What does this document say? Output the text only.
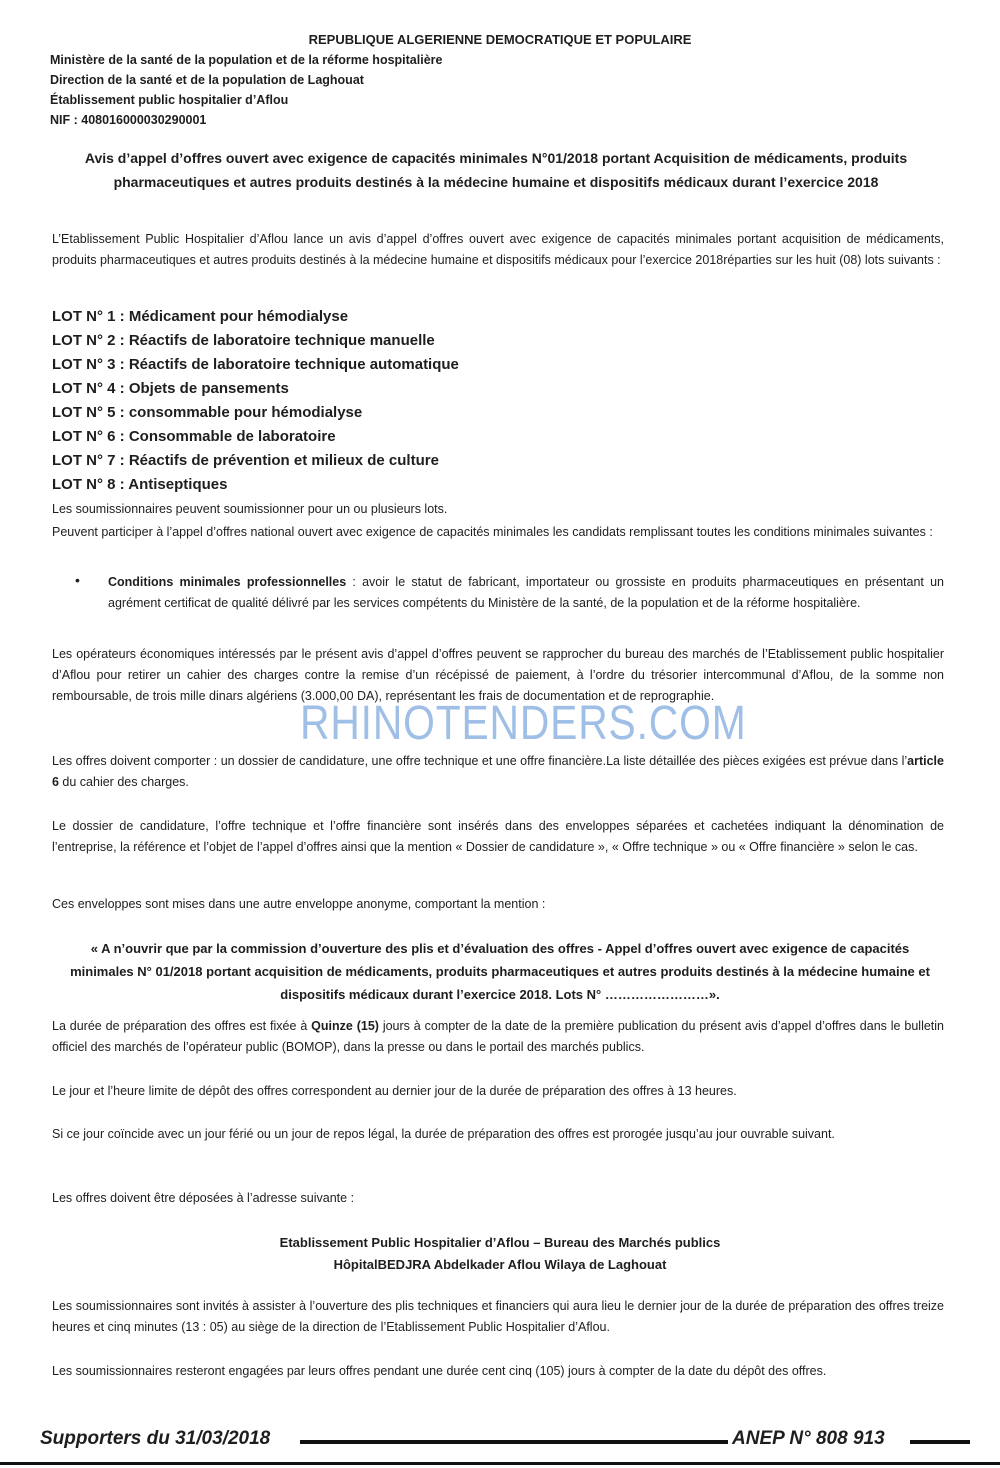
REPUBLIQUE ALGERIENNE DEMOCRATIQUE ET POPULAIRE
Ministère de la santé de la population et de la réforme hospitalière
Direction de la santé et de la population de Laghouat
Établissement public hospitalier d’Aflou
NIF : 408016000030290001
Avis d’appel d’offres ouvert avec exigence de capacités minimales N°01/2018 portant Acquisition de médicaments, produits pharmaceutiques et autres produits destinés à la médecine humaine et dispositifs médicaux durant l’exercice 2018
L’Etablissement Public Hospitalier d’Aflou lance un avis d’appel d’offres ouvert avec exigence de capacités minimales portant acquisition de médicaments, produits pharmaceutiques et autres produits destinés à la médecine humaine et dispositifs médicaux pour l’exercice 2018réparties sur les huit (08) lots suivants :
LOT N° 1 : Médicament pour hémodialyse
LOT N° 2 : Réactifs de laboratoire technique manuelle
LOT N° 3 : Réactifs de laboratoire technique automatique
LOT N° 4 : Objets de pansements
LOT N° 5 : consommable pour hémodialyse
LOT N° 6 : Consommable de laboratoire
LOT N° 7 : Réactifs de prévention et milieux de culture
LOT N° 8 : Antiseptiques
Les soumissionnaires peuvent soumissionner pour un ou plusieurs lots.
Peuvent participer à l’appel d’offres national ouvert avec exigence de capacités minimales les candidats remplissant toutes les conditions minimales suivantes :
• Conditions minimales professionnelles : avoir le statut de fabricant, importateur ou grossiste en produits pharmaceutiques en présentant un agrément certificat de qualité délivré par les services compétents du Ministère de la santé, de la population et de la réforme hospitalière.
Les opérateurs économiques intéressés par le présent avis d’appel d’offres peuvent se rapprocher du bureau des marchés de l’Etablissement public hospitalier d’Aflou pour retirer un cahier des charges contre la remise d’un récépissé de paiement, à l’ordre du trésorier intercommunal d’Aflou, de la somme non remboursable, de trois mille dinars algériens (3.000,00 DA), représentant les frais de documentation et de reprographie.
RHINOTENDERS.COM
Les offres doivent comporter : un dossier de candidature, une offre technique et une offre financière.La liste détaillée des pièces exigées est prévue dans l’article 6 du cahier des charges.
Le dossier de candidature, l’offre technique et l’offre financière sont insérés dans des enveloppes séparées et cachetées indiquant la dénomination de l’entreprise, la référence et l’objet de l’appel d’offres ainsi que la mention « Dossier de candidature », « Offre technique » ou « Offre financière » selon le cas.
Ces enveloppes sont mises dans une autre enveloppe anonyme, comportant la mention :
« A n’ouvrir que par la commission d’ouverture des plis et d’évaluation des offres - Appel d’offres ouvert avec exigence de capacités minimales N° 01/2018 portant acquisition de médicaments, produits pharmaceutiques et autres produits destinés à la médecine humaine et dispositifs médicaux durant l’exercice 2018. Lots N° ……………………».
La durée de préparation des offres est fixée à Quinze (15) jours à compter de la date de la première publication du présent avis d’appel d’offres dans le bulletin officiel des marchés de l’opérateur public (BOMOP), dans la presse ou dans le portail des marchés publics.
Le jour et l’heure limite de dépôt des offres correspondent au dernier jour de la durée de préparation des offres à 13 heures.
Si ce jour coïncide avec un jour férié ou un jour de repos légal, la durée de préparation des offres est prorogée jusqu’au jour ouvrable suivant.
Les offres doivent être déposées à l’adresse suivante :
Etablissement Public Hospitalier d’Aflou – Bureau des Marchés publics
HôpitalBEDJRA Abdelkader Aflou Wilaya de Laghouat
Les soumissionnaires sont invités à assister à l’ouverture des plis techniques et financiers qui aura lieu le dernier jour de la durée de préparation des offres treize heures et cinq minutes (13 : 05) au siège de la direction de l’Etablissement Public Hospitalier d’Aflou.
Les soumissionnaires resteront engagées par leurs offres pendant une durée cent cinq (105) jours à compter de la date du dépôt des offres.
Supporters du 31/03/2018	ANEP N° 808 913
